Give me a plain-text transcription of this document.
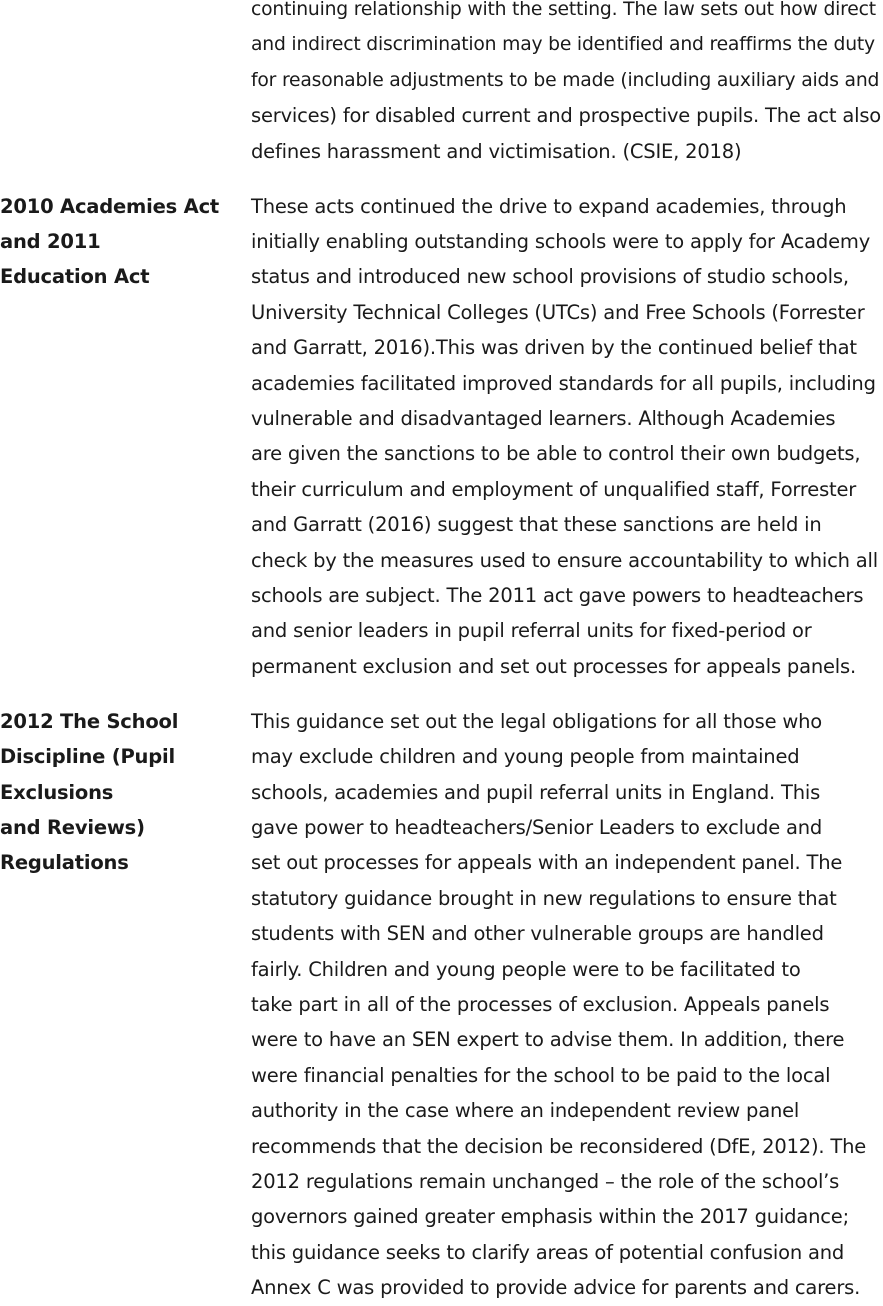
continuing relationship with the setting. The law sets out how direct
and indirect discrimination may be identified and reaffirms the duty
for reasonable adjustments to be made (including auxiliary aids and
services) for disabled current and prospective pupils. The act also
defines harassment and victimisation. (CSIE, 2018)
2010 Academies Act
and 2011
Education Act
These acts continued the drive to expand academies, through
initially enabling outstanding schools were to apply for Academy
status and introduced new school provisions of studio schools,
University Technical Colleges (UTCs) and Free Schools (Forrester
and Garratt, 2016).This was driven by the continued belief that
academies facilitated improved standards for all pupils, including
vulnerable and disadvantaged learners. Although Academies
are given the sanctions to be able to control their own budgets,
their curriculum and employment of unqualified staff, Forrester
and Garratt (2016) suggest that these sanctions are held in
check by the measures used to ensure accountability to which all
schools are subject. The 2011 act gave powers to headteachers
and senior leaders in pupil referral units for fixed-period or
permanent exclusion and set out processes for appeals panels.
2012 The School
Discipline (Pupil
Exclusions
and Reviews)
Regulations
This guidance set out the legal obligations for all those who
may exclude children and young people from maintained
schools, academies and pupil referral units in England. This
gave power to headteachers/Senior Leaders to exclude and
set out processes for appeals with an independent panel. The
statutory guidance brought in new regulations to ensure that
students with SEN and other vulnerable groups are handled
fairly. Children and young people were to be facilitated to
take part in all of the processes of exclusion. Appeals panels
were to have an SEN expert to advise them. In addition, there
were financial penalties for the school to be paid to the local
authority in the case where an independent review panel
recommends that the decision be reconsidered (DfE, 2012). The
2012 regulations remain unchanged – the role of the school’s
governors gained greater emphasis within the 2017 guidance;
this guidance seeks to clarify areas of potential confusion and
Annex C was provided to provide advice for parents and carers.
